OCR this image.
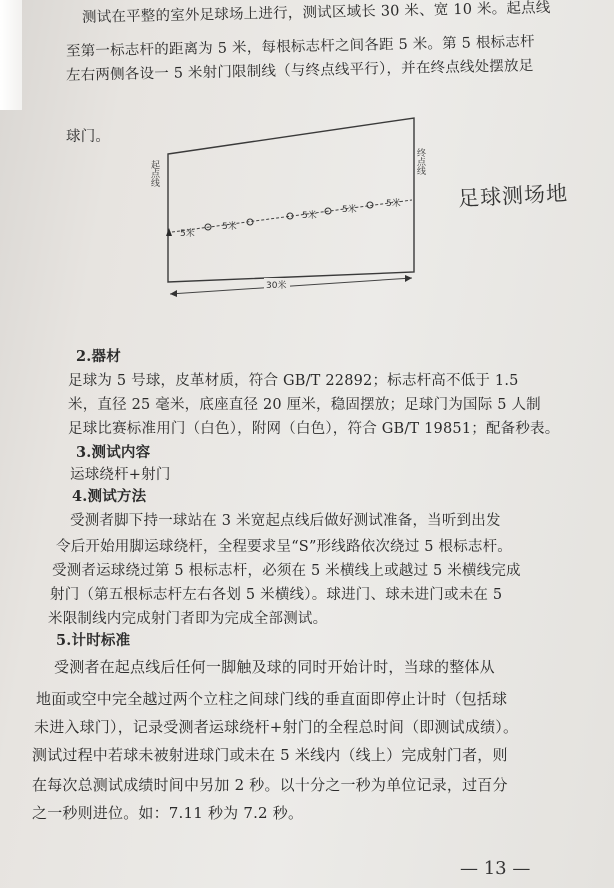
测试在平整的室外足球场上进行，测试区域长 30 米、宽 10 米。起点线
至第一标志杆的距离为 5 米，每根标志杆之间各距 5 米。第 5 根标志杆
左右两侧各设一 5 米射门限制线（与终点线平行），并在终点线处摆放足
球门。
5米
5米
5米
5米
5米
起点线	终点线
30米
足球测场地
2.器材
足球为 5 号球，皮革材质，符合 GB/T 22892；标志杆高不低于 1.5
米，直径 25 毫米，底座直径 20 厘米，稳固摆放；足球门为国际 5 人制
足球比赛标准用门（白色），附网（白色），符合 GB/T 19851；配备秒表。
3.测试内容
运球绕杆+射门
4.测试方法
受测者脚下持一球站在 3 米宽起点线后做好测试准备，当听到出发
令后开始用脚运球绕杆，全程要求呈“S”形线路依次绕过 5 根标志杆。
受测者运球绕过第 5 根标志杆，必须在 5 米横线上或越过 5 米横线完成
射门（第五根标志杆左右各划 5 米横线）。球进门、球未进门或未在 5
米限制线内完成射门者即为完成全部测试。
5.计时标准
受测者在起点线后任何一脚触及球的同时开始计时，当球的整体从
地面或空中完全越过两个立柱之间球门线的垂直面即停止计时（包括球
未进入球门），记录受测者运球绕杆+射门的全程总时间（即测试成绩）。
测试过程中若球未被射进球门或未在 5 米线内（线上）完成射门者，则
在每次总测试成绩时间中另加 2 秒。以十分之一秒为单位记录，过百分
之一秒则进位。如：7.11 秒为 7.2 秒。
— 13 —
